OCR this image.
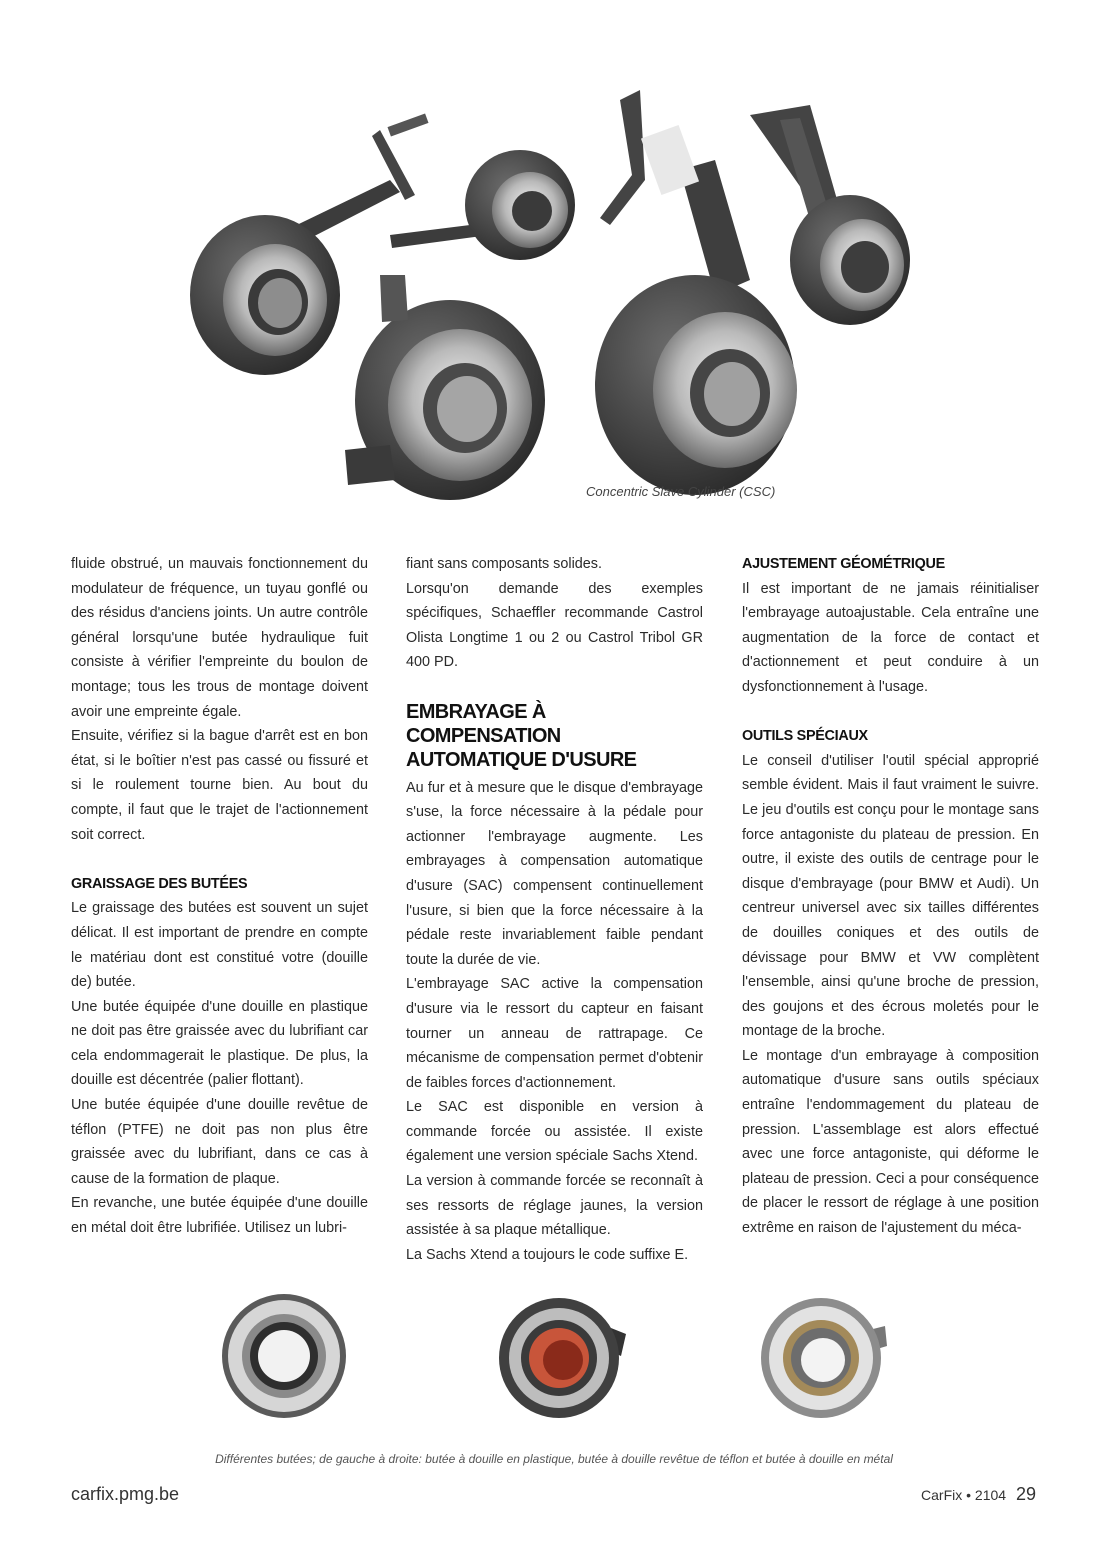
Concentric Slave Cylinder (CSC)

fluide obstrué, un mauvais fonctionnement du modulateur de fréquence, un tuyau gonflé ou des résidus d'anciens joints. Un autre contrôle général lorsqu'une butée hydraulique fuit consiste à vérifier l'empreinte du boulon de montage; tous les trous de montage doivent avoir une empreinte égale.

Ensuite, vérifiez si la bague d'arrêt est en bon état, si le boîtier n'est pas cassé ou fissuré et si le roulement tourne bien. Au bout du compte, il faut que le trajet de l'actionnement soit correct.

GRAISSAGE DES BUTÉES

Le graissage des butées est souvent un sujet délicat. Il est important de prendre en compte le matériau dont est constitué votre (douille de) butée.

Une butée équipée d'une douille en plastique ne doit pas être graissée avec du lubrifiant car cela endommagerait le plastique. De plus, la douille est décentrée (palier flottant).

Une butée équipée d'une douille revêtue de téflon (PTFE) ne doit pas non plus être graissée avec du lubrifiant, dans ce cas à cause de la formation de plaque.

En revanche, une butée équipée d'une douille en métal doit être lubrifiée. Utilisez un lubri-

fiant sans composants solides.

Lorsqu'on demande des exemples spécifiques, Schaeffler recommande Castrol Olista Longtime 1 ou 2 ou Castrol Tribol GR 400 PD.

EMBRAYAGE À COMPENSATION AUTOMATIQUE D'USURE

Au fur et à mesure que le disque d'embrayage s'use, la force nécessaire à la pédale pour actionner l'embrayage augmente. Les embrayages à compensation automatique d'usure (SAC) compensent continuellement l'usure, si bien que la force nécessaire à la pédale reste invariablement faible pendant toute la durée de vie.

L'embrayage SAC active la compensation d'usure via le ressort du capteur en faisant tourner un anneau de rattrapage. Ce mécanisme de compensation permet d'obtenir de faibles forces d'actionnement.

Le SAC est disponible en version à commande forcée ou assistée. Il existe également une version spéciale Sachs Xtend.

La version à commande forcée se reconnaît à ses ressorts de réglage jaunes, la version assistée à sa plaque métallique.

La Sachs Xtend a toujours le code suffixe E.

AJUSTEMENT GÉOMÉTRIQUE

Il est important de ne jamais réinitialiser l'embrayage autoajustable. Cela entraîne une augmentation de la force de contact et d'actionnement et peut conduire à un dysfonctionnement à l'usage.

OUTILS SPÉCIAUX

Le conseil d'utiliser l'outil spécial approprié semble évident. Mais il faut vraiment le suivre. Le jeu d'outils est conçu pour le montage sans force antagoniste du plateau de pression. En outre, il existe des outils de centrage pour le disque d'embrayage (pour BMW et Audi). Un centreur universel avec six tailles différentes de douilles coniques et des outils de dévissage pour BMW et VW complètent l'ensemble, ainsi qu'une broche de pression, des goujons et des écrous moletés pour le montage de la broche.

Le montage d'un embrayage à composition automatique d'usure sans outils spéciaux entraîne l'endommagement du plateau de pression. L'assemblage est alors effectué avec une force antagoniste, qui déforme le plateau de pression. Ceci a pour conséquence de placer le ressort de réglage à une position extrême en raison de l'ajustement du méca-

Différentes butées; de gauche à droite: butée à douille en plastique, butée à douille revêtue de téflon et butée à douille en métal
carfix.pmg.be	CarFix • 2104 29
